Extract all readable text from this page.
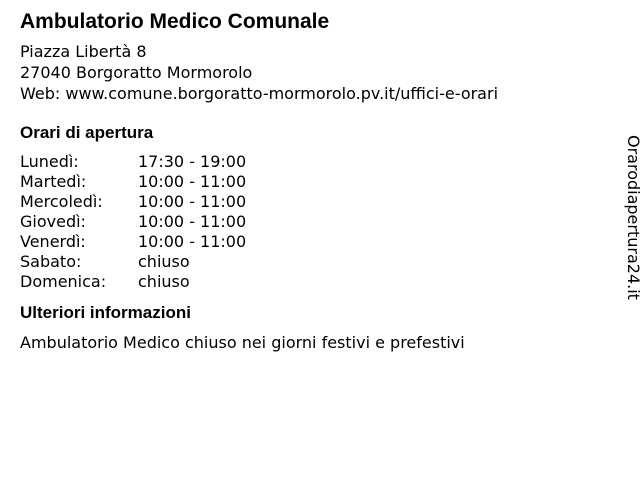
Ambulatorio Medico Comunale
Piazza Libertà 8
27040 Borgoratto Mormorolo
Web: www.comune.borgoratto-mormorolo.pv.it/uffici-e-orari
Orari di apertura
Lunedì:	17:30 - 19:00
Martedì:	10:00 - 11:00
Mercoledì:	10:00 - 11:00
Giovedì:	10:00 - 11:00
Venerdì:	10:00 - 11:00
Sabato:	chiuso
Domenica:	chiuso
Ulteriori informazioni
Ambulatorio Medico chiuso nei giorni festivi e prefestivi
Orarodiapertura24.it
